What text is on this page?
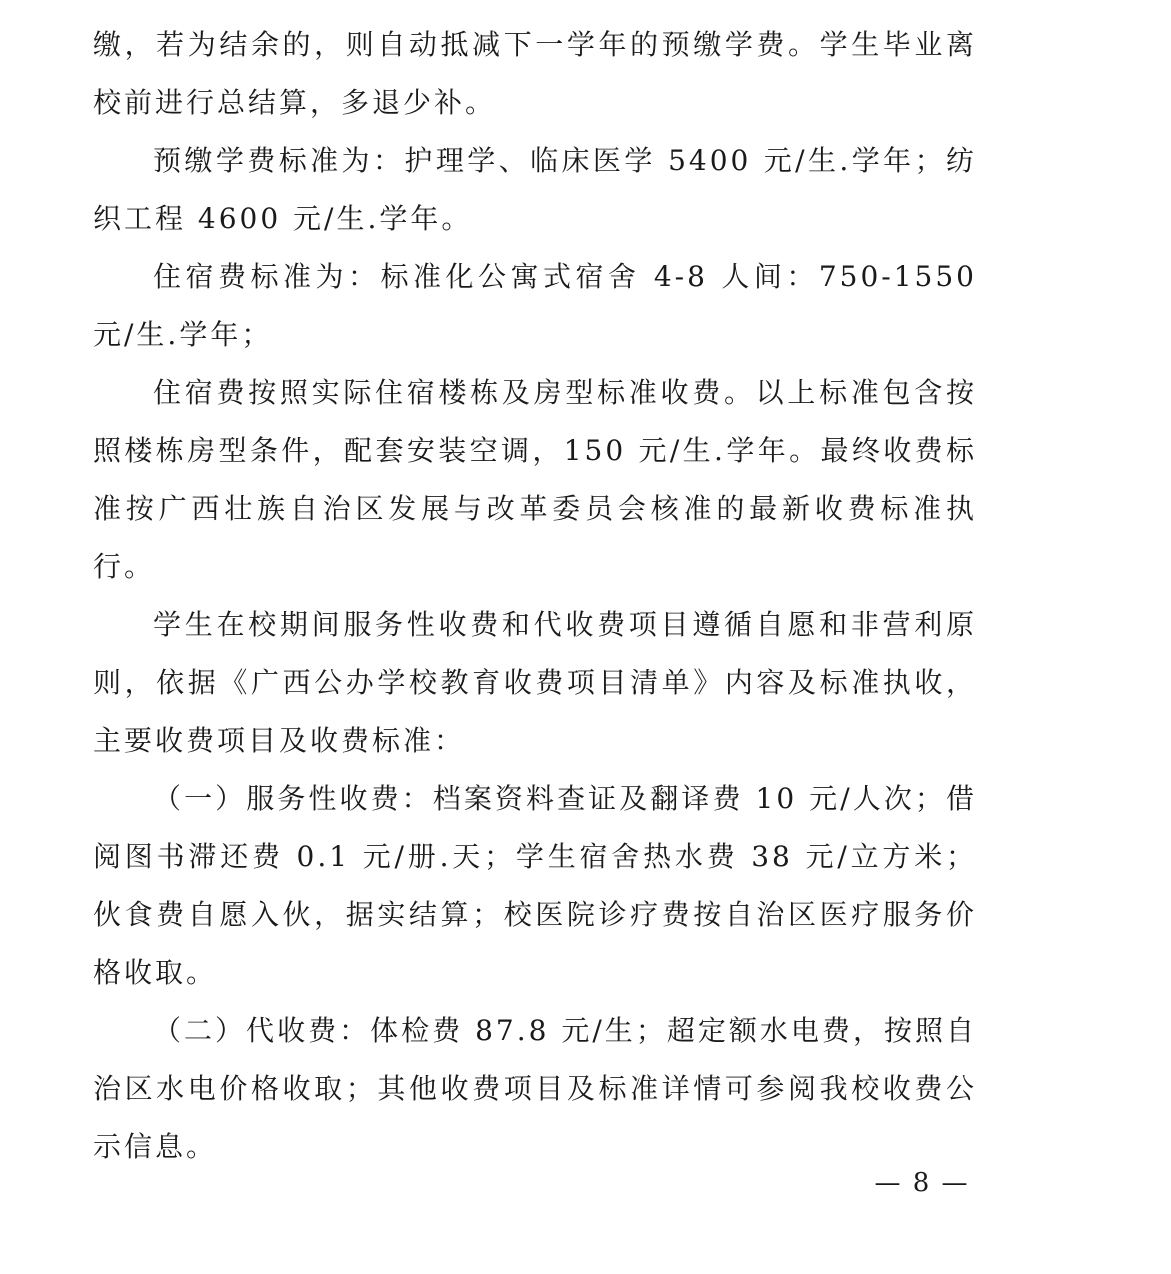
缴，若为结余的，则自动抵减下一学年的预缴学费。学生毕业离校前进行总结算，多退少补。

预缴学费标准为：护理学、临床医学 5400 元/生.学年；纺织工程 4600 元/生.学年。

住宿费标准为：标准化公寓式宿舍 4-8 人间：750-1550 元/生.学年；

住宿费按照实际住宿楼栋及房型标准收费。以上标准包含按照楼栋房型条件，配套安装空调，150 元/生.学年。最终收费标准按广西壮族自治区发展与改革委员会核准的最新收费标准执行。

学生在校期间服务性收费和代收费项目遵循自愿和非营利原则，依据《广西公办学校教育收费项目清单》内容及标准执收，主要收费项目及收费标准：

（一）服务性收费：档案资料查证及翻译费 10 元/人次；借阅图书滞还费 0.1 元/册.天；学生宿舍热水费 38 元/立方米；伙食费自愿入伙，据实结算；校医院诊疗费按自治区医疗服务价格收取。

（二）代收费：体检费 87.8 元/生；超定额水电费，按照自治区水电价格收取；其他收费项目及标准详情可参阅我校收费公示信息。

— 8 —
